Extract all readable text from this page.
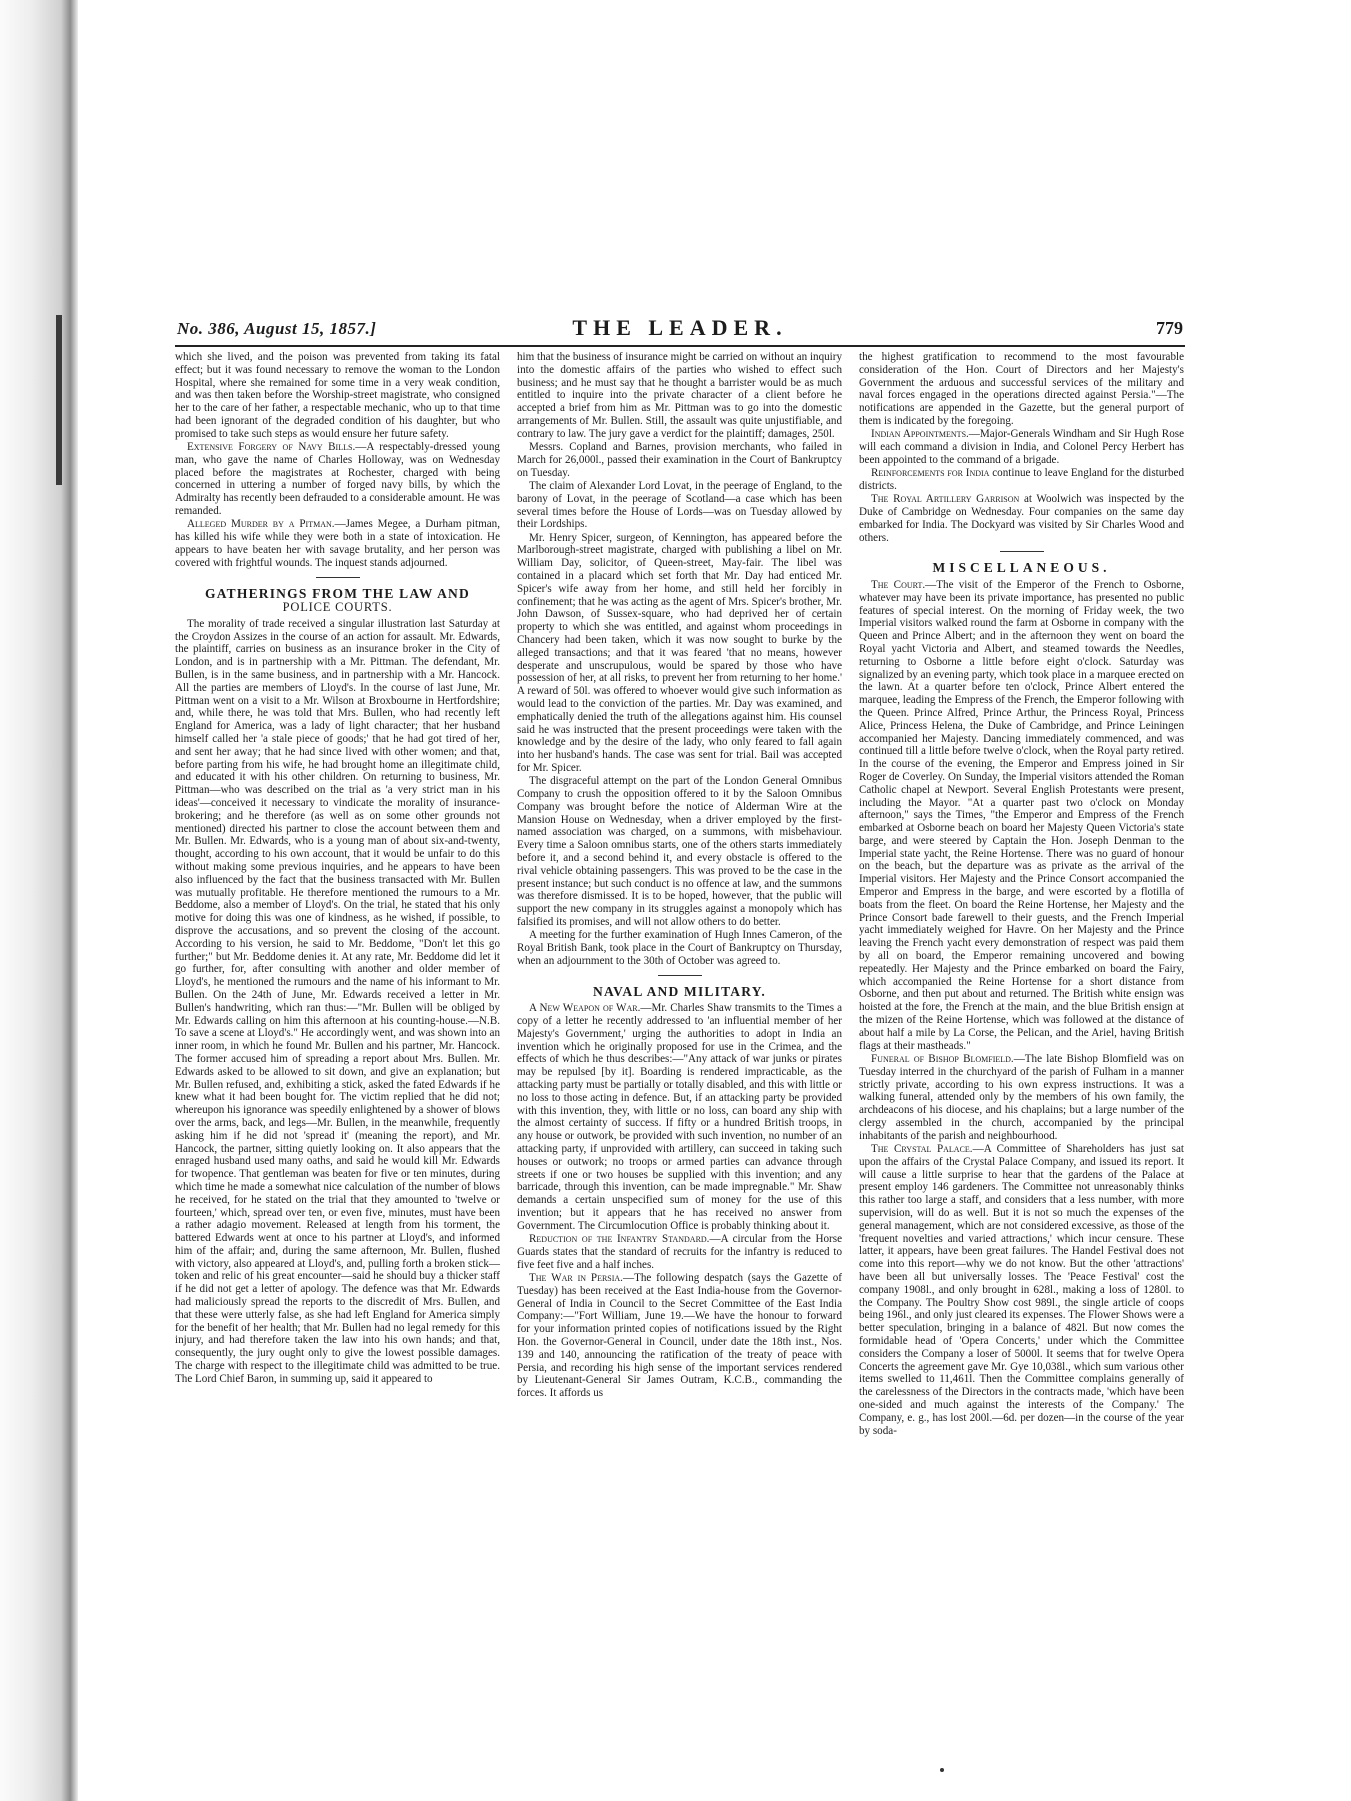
No. 386, August 15, 1857.]	THE LEADER.	779

which she lived, and the poison was prevented from taking its fatal effect; but it was found necessary to remove the woman to the London Hospital, where she remained for some time in a very weak condition, and was then taken before the Worship-street magistrate, who consigned her to the care of her father, a respectable mechanic, who up to that time had been ignorant of the degraded condition of his daughter, but who promised to take such steps as would ensure her future safety.

Extensive Forgery of Navy Bills.—A respectably-dressed young man, who gave the name of Charles Holloway, was on Wednesday placed before the magistrates at Rochester, charged with being concerned in uttering a number of forged navy bills, by which the Admiralty has recently been defrauded to a considerable amount. He was remanded.

Alleged Murder by a Pitman.—James Megee, a Durham pitman, has killed his wife while they were both in a state of intoxication. He appears to have beaten her with savage brutality, and her person was covered with frightful wounds. The inquest stands adjourned.

GATHERINGS FROM THE LAW AND
POLICE COURTS.

The morality of trade received a singular illustration last Saturday at the Croydon Assizes in the course of an action for assault. Mr. Edwards, the plaintiff, carries on business as an insurance broker in the City of London, and is in partnership with a Mr. Pittman. The defendant, Mr. Bullen, is in the same business, and in partnership with a Mr. Hancock. All the parties are members of Lloyd's. In the course of last June, Mr. Pittman went on a visit to a Mr. Wilson at Broxbourne in Hertfordshire; and, while there, he was told that Mrs. Bullen, who had recently left England for America, was a lady of light character; that her husband himself called her 'a stale piece of goods;' that he had got tired of her, and sent her away; that he had since lived with other women; and that, before parting from his wife, he had brought home an illegitimate child, and educated it with his other children. On returning to business, Mr. Pittman—who was described on the trial as 'a very strict man in his ideas'—conceived it necessary to vindicate the morality of insurance-brokering; and he therefore (as well as on some other grounds not mentioned) directed his partner to close the account between them and Mr. Bullen. Mr. Edwards, who is a young man of about six-and-twenty, thought, according to his own account, that it would be unfair to do this without making some previous inquiries, and he appears to have been also influenced by the fact that the business transacted with Mr. Bullen was mutually profitable. He therefore mentioned the rumours to a Mr. Beddome, also a member of Lloyd's. On the trial, he stated that his only motive for doing this was one of kindness, as he wished, if possible, to disprove the accusations, and so prevent the closing of the account. According to his version, he said to Mr. Beddome, "Don't let this go further;" but Mr. Beddome denies it. At any rate, Mr. Beddome did let it go further, for, after consulting with another and older member of Lloyd's, he mentioned the rumours and the name of his informant to Mr. Bullen. On the 24th of June, Mr. Edwards received a letter in Mr. Bullen's handwriting, which ran thus:—"Mr. Bullen will be obliged by Mr. Edwards calling on him this afternoon at his counting-house.—N.B. To save a scene at Lloyd's." He accordingly went, and was shown into an inner room, in which he found Mr. Bullen and his partner, Mr. Hancock. The former accused him of spreading a report about Mrs. Bullen. Mr. Edwards asked to be allowed to sit down, and give an explanation; but Mr. Bullen refused, and, exhibiting a stick, asked the fated Edwards if he knew what it had been bought for. The victim replied that he did not; whereupon his ignorance was speedily enlightened by a shower of blows over the arms, back, and legs—Mr. Bullen, in the meanwhile, frequently asking him if he did not 'spread it' (meaning the report), and Mr. Hancock, the partner, sitting quietly looking on. It also appears that the enraged husband used many oaths, and said he would kill Mr. Edwards for twopence. That gentleman was beaten for five or ten minutes, during which time he made a somewhat nice calculation of the number of blows he received, for he stated on the trial that they amounted to 'twelve or fourteen,' which, spread over ten, or even five, minutes, must have been a rather adagio movement. Released at length from his torment, the battered Edwards went at once to his partner at Lloyd's, and informed him of the affair; and, during the same afternoon, Mr. Bullen, flushed with victory, also appeared at Lloyd's, and, pulling forth a broken stick—token and relic of his great encounter—said he should buy a thicker staff if he did not get a letter of apology. The defence was that Mr. Edwards had maliciously spread the reports to the discredit of Mrs. Bullen, and that these were utterly false, as she had left England for America simply for the benefit of her health; that Mr. Bullen had no legal remedy for this injury, and had therefore taken the law into his own hands; and that, consequently, the jury ought only to give the lowest possible damages. The charge with respect to the illegitimate child was admitted to be true. The Lord Chief Baron, in summing up, said it appeared to

him that the business of insurance might be carried on without an inquiry into the domestic affairs of the parties who wished to effect such business; and he must say that he thought a barrister would be as much entitled to inquire into the private character of a client before he accepted a brief from him as Mr. Pittman was to go into the domestic arrangements of Mr. Bullen. Still, the assault was quite unjustifiable, and contrary to law. The jury gave a verdict for the plaintiff; damages, 250l.

Messrs. Copland and Barnes, provision merchants, who failed in March for 26,000l., passed their examination in the Court of Bankruptcy on Tuesday.

The claim of Alexander Lord Lovat, in the peerage of England, to the barony of Lovat, in the peerage of Scotland—a case which has been several times before the House of Lords—was on Tuesday allowed by their Lordships.

Mr. Henry Spicer, surgeon, of Kennington, has appeared before the Marlborough-street magistrate, charged with publishing a libel on Mr. William Day, solicitor, of Queen-street, May-fair. The libel was contained in a placard which set forth that Mr. Day had enticed Mr. Spicer's wife away from her home, and still held her forcibly in confinement; that he was acting as the agent of Mrs. Spicer's brother, Mr. John Dawson, of Sussex-square, who had deprived her of certain property to which she was entitled, and against whom proceedings in Chancery had been taken, which it was now sought to burke by the alleged transactions; and that it was feared 'that no means, however desperate and unscrupulous, would be spared by those who have possession of her, at all risks, to prevent her from returning to her home.' A reward of 50l. was offered to whoever would give such information as would lead to the conviction of the parties. Mr. Day was examined, and emphatically denied the truth of the allegations against him. His counsel said he was instructed that the present proceedings were taken with the knowledge and by the desire of the lady, who only feared to fall again into her husband's hands. The case was sent for trial. Bail was accepted for Mr. Spicer.

The disgraceful attempt on the part of the London General Omnibus Company to crush the opposition offered to it by the Saloon Omnibus Company was brought before the notice of Alderman Wire at the Mansion House on Wednesday, when a driver employed by the first-named association was charged, on a summons, with misbehaviour. Every time a Saloon omnibus starts, one of the others starts immediately before it, and a second behind it, and every obstacle is offered to the rival vehicle obtaining passengers. This was proved to be the case in the present instance; but such conduct is no offence at law, and the summons was therefore dismissed. It is to be hoped, however, that the public will support the new company in its struggles against a monopoly which has falsified its promises, and will not allow others to do better.

A meeting for the further examination of Hugh Innes Cameron, of the Royal British Bank, took place in the Court of Bankruptcy on Thursday, when an adjournment to the 30th of October was agreed to.

NAVAL AND MILITARY.

A New Weapon of War.—Mr. Charles Shaw transmits to the Times a copy of a letter he recently addressed to 'an influential member of her Majesty's Government,' urging the authorities to adopt in India an invention which he originally proposed for use in the Crimea, and the effects of which he thus describes:—"Any attack of war junks or pirates may be repulsed [by it]. Boarding is rendered impracticable, as the attacking party must be partially or totally disabled, and this with little or no loss to those acting in defence. But, if an attacking party be provided with this invention, they, with little or no loss, can board any ship with the almost certainty of success. If fifty or a hundred British troops, in any house or outwork, be provided with such invention, no number of an attacking party, if unprovided with artillery, can succeed in taking such houses or outwork; no troops or armed parties can advance through streets if one or two houses be supplied with this invention; and any barricade, through this invention, can be made impregnable." Mr. Shaw demands a certain unspecified sum of money for the use of this invention; but it appears that he has received no answer from Government. The Circumlocution Office is probably thinking about it.

Reduction of the Infantry Standard.—A circular from the Horse Guards states that the standard of recruits for the infantry is reduced to five feet five and a half inches.

The War in Persia.—The following despatch (says the Gazette of Tuesday) has been received at the East India-house from the Governor-General of India in Council to the Secret Committee of the East India Company:—"Fort William, June 19.—We have the honour to forward for your information printed copies of notifications issued by the Right Hon. the Governor-General in Council, under date the 18th inst., Nos. 139 and 140, announcing the ratification of the treaty of peace with Persia, and recording his high sense of the important services rendered by Lieutenant-General Sir James Outram, K.C.B., commanding the forces. It affords us

the highest gratification to recommend to the most favourable consideration of the Hon. Court of Directors and her Majesty's Government the arduous and successful services of the military and naval forces engaged in the operations directed against Persia."—The notifications are appended in the Gazette, but the general purport of them is indicated by the foregoing.

Indian Appointments.—Major-Generals Windham and Sir Hugh Rose will each command a division in India, and Colonel Percy Herbert has been appointed to the command of a brigade.

Reinforcements for India continue to leave England for the disturbed districts.

The Royal Artillery Garrison at Woolwich was inspected by the Duke of Cambridge on Wednesday. Four companies on the same day embarked for India. The Dockyard was visited by Sir Charles Wood and others.

MISCELLANEOUS.

The Court.—The visit of the Emperor of the French to Osborne, whatever may have been its private importance, has presented no public features of special interest. On the morning of Friday week, the two Imperial visitors walked round the farm at Osborne in company with the Queen and Prince Albert; and in the afternoon they went on board the Royal yacht Victoria and Albert, and steamed towards the Needles, returning to Osborne a little before eight o'clock. Saturday was signalized by an evening party, which took place in a marquee erected on the lawn. At a quarter before ten o'clock, Prince Albert entered the marquee, leading the Empress of the French, the Emperor following with the Queen. Prince Alfred, Prince Arthur, the Princess Royal, Princess Alice, Princess Helena, the Duke of Cambridge, and Prince Leiningen accompanied her Majesty. Dancing immediately commenced, and was continued till a little before twelve o'clock, when the Royal party retired. In the course of the evening, the Emperor and Empress joined in Sir Roger de Coverley. On Sunday, the Imperial visitors attended the Roman Catholic chapel at Newport. Several English Protestants were present, including the Mayor. "At a quarter past two o'clock on Monday afternoon," says the Times, "the Emperor and Empress of the French embarked at Osborne beach on board her Majesty Queen Victoria's state barge, and were steered by Captain the Hon. Joseph Denman to the Imperial state yacht, the Reine Hortense. There was no guard of honour on the beach, but the departure was as private as the arrival of the Imperial visitors. Her Majesty and the Prince Consort accompanied the Emperor and Empress in the barge, and were escorted by a flotilla of boats from the fleet. On board the Reine Hortense, her Majesty and the Prince Consort bade farewell to their guests, and the French Imperial yacht immediately weighed for Havre. On her Majesty and the Prince leaving the French yacht every demonstration of respect was paid them by all on board, the Emperor remaining uncovered and bowing repeatedly. Her Majesty and the Prince embarked on board the Fairy, which accompanied the Reine Hortense for a short distance from Osborne, and then put about and returned. The British white ensign was hoisted at the fore, the French at the main, and the blue British ensign at the mizen of the Reine Hortense, which was followed at the distance of about half a mile by La Corse, the Pelican, and the Ariel, having British flags at their mastheads."

Funeral of Bishop Blomfield.—The late Bishop Blomfield was on Tuesday interred in the churchyard of the parish of Fulham in a manner strictly private, according to his own express instructions. It was a walking funeral, attended only by the members of his own family, the archdeacons of his diocese, and his chaplains; but a large number of the clergy assembled in the church, accompanied by the principal inhabitants of the parish and neighbourhood.

The Crystal Palace.—A Committee of Shareholders has just sat upon the affairs of the Crystal Palace Company, and issued its report. It will cause a little surprise to hear that the gardens of the Palace at present employ 146 gardeners. The Committee not unreasonably thinks this rather too large a staff, and considers that a less number, with more supervision, will do as well. But it is not so much the expenses of the general management, which are not considered excessive, as those of the 'frequent novelties and varied attractions,' which incur censure. These latter, it appears, have been great failures. The Handel Festival does not come into this report—why we do not know. But the other 'attractions' have been all but universally losses. The 'Peace Festival' cost the company 1908l., and only brought in 628l., making a loss of 1280l. to the Company. The Poultry Show cost 989l., the single article of coops being 196l., and only just cleared its expenses. The Flower Shows were a better speculation, bringing in a balance of 482l. But now comes the formidable head of 'Opera Concerts,' under which the Committee considers the Company a loser of 5000l. It seems that for twelve Opera Concerts the agreement gave Mr. Gye 10,038l., which sum various other items swelled to 11,461l. Then the Committee complains generally of the carelessness of the Directors in the contracts made, 'which have been one-sided and much against the interests of the Company.' The Company, e. g., has lost 200l.—6d. per dozen—in the course of the year by soda-
